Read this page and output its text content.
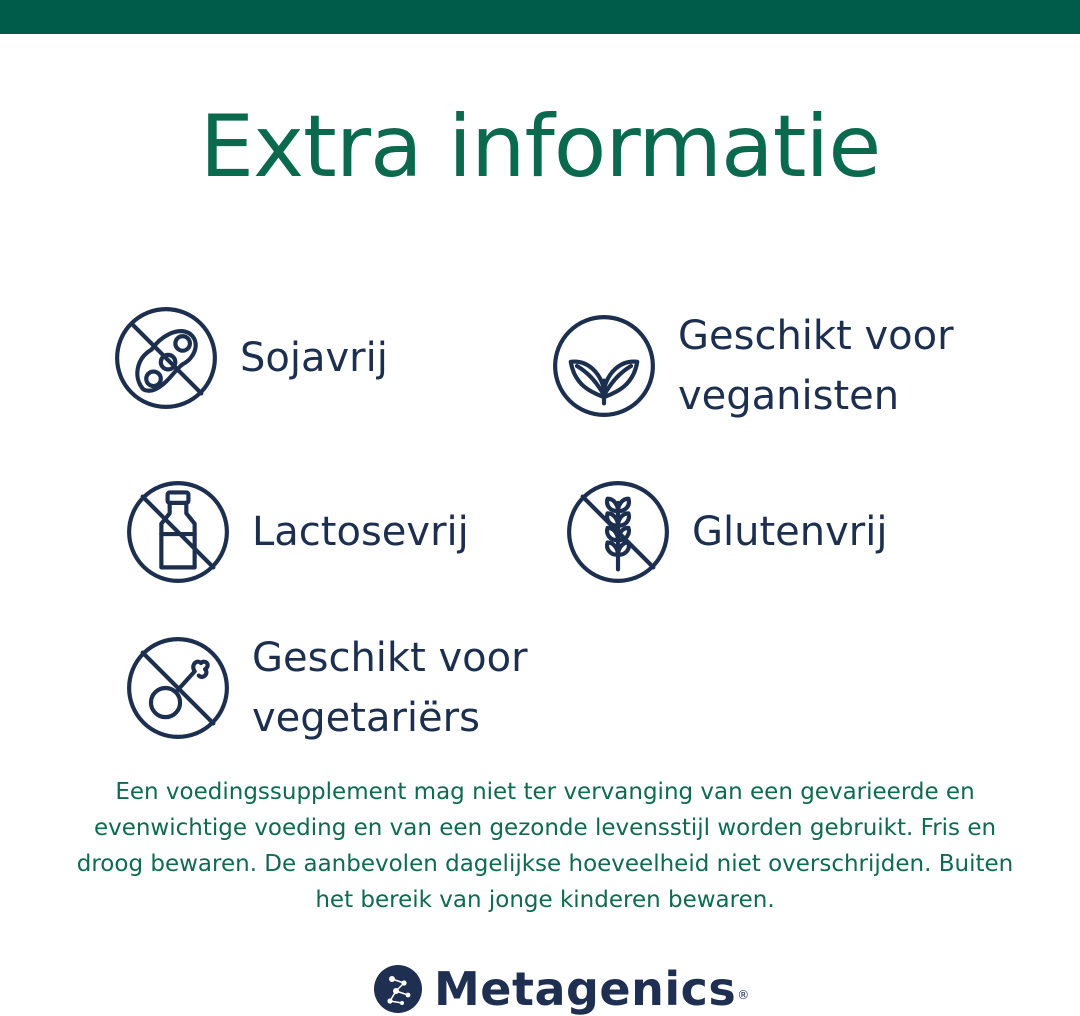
Extra informatie
Sojavrij	Geschikt voor
veganisten
Lactosevrij	Glutenvrij
Geschikt voor
vegetariërs
Een voedingssupplement mag niet ter vervanging van een gevarieerde en evenwichtige voeding en van een gezonde levensstijl worden gebruikt. Fris en droog bewaren. De aanbevolen dagelijkse hoeveelheid niet overschrijden. Buiten het bereik van jonge kinderen bewaren.
Metagenics ®
